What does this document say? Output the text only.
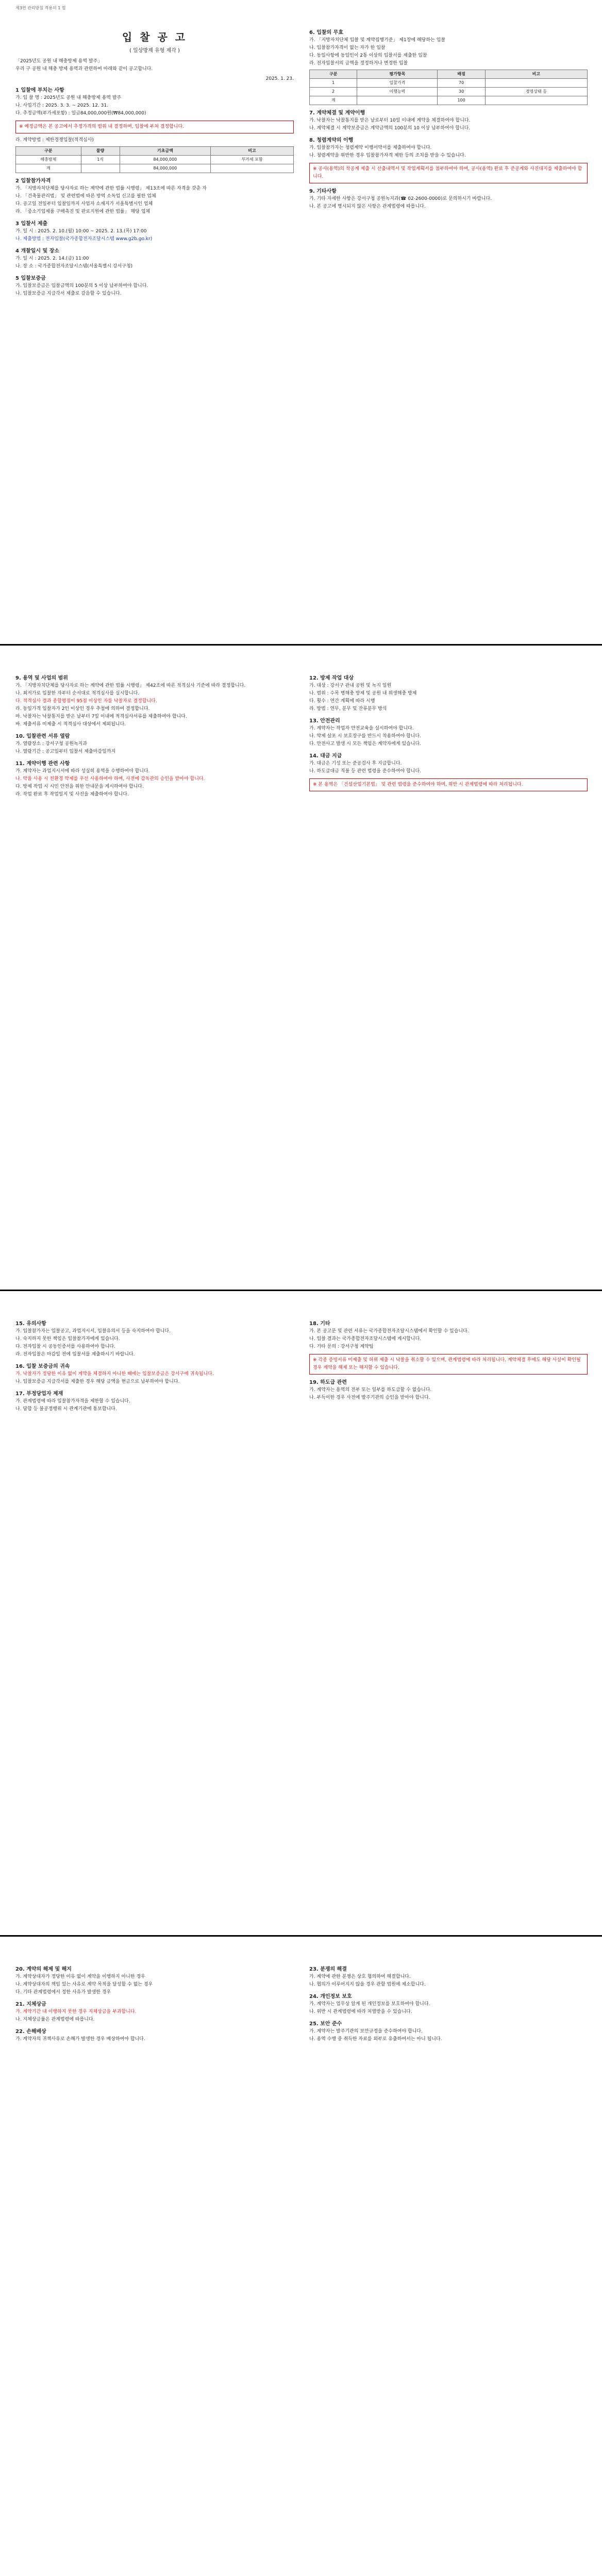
제3편 관리방침 적용의 1 필
입 찰 공 고
( 일상방제 유형 제각 )

「2025년도 공원 내 해충방제 용역 발주」

우리 구 공원 내 해충 방제 용역과 관련하여 아래와 같이 공고합니다.

2025. 1. 23.

1 입찰에 부치는 사항

가. 입 찰 명 : 2025년도 공원 내 해충방제 용역 발주

나. 사업기간 : 2025. 3. 3. ~ 2025. 12. 31.

다. 추정금액(부가세포함) : 일금84,000,000원(₩84,000,000)

※ 예정금액은 본 공고에서 추정가격의 범위 내 결정하며, 입찰에 부쳐 결정합니다.

라. 계약방법 : 제한경쟁입찰(적격심사)

구분	물량	기초금액	비고
해충방제	1식	84,000,000	부가세 포함
계		84,000,000	

2 입찰참가자격

가. 「지방자치단체를 당사자로 하는 계약에 관한 법률 시행령」 제13조에 따른 자격을 갖춘 자

나. 「건축물관리법」 및 관련법에 따른 방역 소독업 신고를 필한 업체

다. 공고일 전일부터 입찰일까지 사업자 소재지가 서울특별시인 업체

라. 「중소기업제품 구매촉진 및 판로지원에 관한 법률」 해당 업체

3 입찰서 제출

가. 일 시 : 2025. 2. 10.(월) 10:00 ~ 2025. 2. 13.(목) 17:00

나. 제출방법 : 전자입찰(국가종합전자조달시스템 www.g2b.go.kr)

4 개찰일시 및 장소

가. 일 시 : 2025. 2. 14.(금) 11:00

나. 장 소 : 국가종합전자조달시스템(서울특별시 강서구청)

5 입찰보증금

가. 입찰보증금은 입찰금액의 100분의 5 이상 납부하여야 합니다.

나. 입찰보증금 지급각서 제출로 갈음할 수 있습니다.

6. 입찰의 무효

가. 「지방자치단체 입찰 및 계약집행기준」 제1장에 해당하는 입찰

나. 입찰참가자격이 없는 자가 한 입찰

다. 동일사항에 동일인이 2통 이상의 입찰서를 제출한 입찰

라. 전자입찰서의 금액을 정정하거나 변경한 입찰

구분	평가항목	배점	비고
1	입찰가격	70	
2	이행능력	30	경영상태 등
계		100	

7. 계약체결 및 계약이행

가. 낙찰자는 낙찰통지를 받은 날로부터 10일 이내에 계약을 체결하여야 합니다.

나. 계약체결 시 계약보증금은 계약금액의 100분의 10 이상 납부하여야 합니다.

8. 청렴계약의 이행

가. 입찰참가자는 청렴계약 이행서약서를 제출하여야 합니다.

나. 청렴계약을 위반한 경우 입찰참가자격 제한 등의 조치를 받을 수 있습니다.

※ 공사(용역)의 착공계 제출 시 산출내역서 및 작업계획서를 첨부하여야 하며, 공사(용역) 완료 후 준공계와 사진대지를 제출하여야 합니다.

9. 기타사항

가. 기타 자세한 사항은 강서구청 공원녹지과(☎ 02-2600-0000)로 문의하시기 바랍니다.

나. 본 공고에 명시되지 않은 사항은 관계법령에 따릅니다.

9. 용역 및 사업의 범위

가. 「지방자치단체를 당사자로 하는 계약에 관한 법률 시행령」 제42조에 따른 적격심사 기준에 따라 결정합니다.

나. 최저가로 입찰한 자부터 순서대로 적격심사를 실시합니다.

다. 적격심사 결과 종합평점이 95점 이상인 자를 낙찰자로 결정합니다.

라. 동일가격 입찰자가 2인 이상인 경우 추첨에 의하여 결정합니다.

마. 낙찰자는 낙찰통지를 받은 날부터 7일 이내에 적격심사서류를 제출하여야 합니다.

바. 제출서류 미제출 시 적격심사 대상에서 제외됩니다.

10. 입찰관련 서류 열람

가. 열람장소 : 강서구청 공원녹지과

나. 열람기간 : 공고일부터 입찰서 제출마감일까지

11. 계약이행 관련 사항

가. 계약자는 과업지시서에 따라 성실히 용역을 수행하여야 합니다.

나. 약품 사용 시 친환경 약제를 우선 사용하여야 하며, 사전에 감독관의 승인을 받아야 합니다.

다. 방제 작업 시 시민 안전을 위한 안내문을 게시하여야 합니다.

라. 작업 완료 후 작업일지 및 사진을 제출하여야 합니다.

12. 방제 작업 대상

가. 대상 : 강서구 관내 공원 및 녹지 일원

나. 범위 : 수목 병해충 방제 및 공원 내 위생해충 방제

다. 횟수 : 연간 계획에 따라 시행

라. 방법 : 연무, 분무 및 잔류분무 방식

13. 안전관리

가. 계약자는 작업자 안전교육을 실시하여야 합니다.

나. 약제 살포 시 보호장구를 반드시 착용하여야 합니다.

다. 안전사고 발생 시 모든 책임은 계약자에게 있습니다.

14. 대금 지급

가. 대금은 기성 또는 준공검사 후 지급합니다.

나. 하도급대금 직불 등 관련 법령을 준수하여야 합니다.

※ 본 용역은 「건설산업기본법」 및 관련 법령을 준수하여야 하며, 위반 시 관계법령에 따라 처리됩니다.

15. 유의사항

가. 입찰참가자는 입찰공고, 과업지시서, 입찰유의서 등을 숙지하여야 합니다.

나. 숙지하지 못한 책임은 입찰참가자에게 있습니다.

다. 전자입찰 시 공동인증서를 사용하여야 합니다.

라. 전자입찰은 마감일 전에 입찰서를 제출하시기 바랍니다.

16. 입찰 보증금의 귀속

가. 낙찰자가 정당한 이유 없이 계약을 체결하지 아니한 때에는 입찰보증금은 강서구에 귀속됩니다.

나. 입찰보증금 지급각서를 제출한 경우 해당 금액을 현금으로 납부하여야 합니다.

17. 부정당업자 제재

가. 관계법령에 따라 입찰참가자격을 제한할 수 있습니다.

나. 담합 등 불공정행위 시 관계기관에 통보합니다.

18. 기타

가. 본 공고문 및 관련 서류는 국가종합전자조달시스템에서 확인할 수 있습니다.

나. 입찰 결과는 국가종합전자조달시스템에 게시합니다.

다. 기타 문의 : 강서구청 계약팀

※ 각종 증빙서류 미제출 및 허위 제출 시 낙찰을 취소할 수 있으며, 관계법령에 따라 처리됩니다. 계약체결 후에도 해당 사실이 확인될 경우 계약을 해제 또는 해지할 수 있습니다.

19. 하도급 관련

가. 계약자는 용역의 전부 또는 일부를 하도급할 수 없습니다.

나. 부득이한 경우 사전에 발주기관의 승인을 받아야 합니다.

20. 계약의 해제 및 해지

가. 계약상대자가 정당한 이유 없이 계약을 이행하지 아니한 경우

나. 계약상대자의 책임 있는 사유로 계약 목적을 달성할 수 없는 경우

다. 기타 관계법령에서 정한 사유가 발생한 경우

21. 지체상금

가. 계약기간 내 이행하지 못한 경우 지체상금을 부과합니다.

나. 지체상금률은 관계법령에 따릅니다.

22. 손해배상

가. 계약자의 귀책사유로 손해가 발생한 경우 배상하여야 합니다.

23. 분쟁의 해결

가. 계약에 관한 분쟁은 상호 협의하여 해결합니다.

나. 협의가 이루어지지 않을 경우 관할 법원에 제소합니다.

24. 개인정보 보호

가. 계약자는 업무상 알게 된 개인정보를 보호하여야 합니다.

나. 위반 시 관계법령에 따라 처벌받을 수 있습니다.

25. 보안 준수

가. 계약자는 발주기관의 보안규정을 준수하여야 합니다.

나. 용역 수행 중 취득한 자료를 외부로 유출하여서는 아니 됩니다.
